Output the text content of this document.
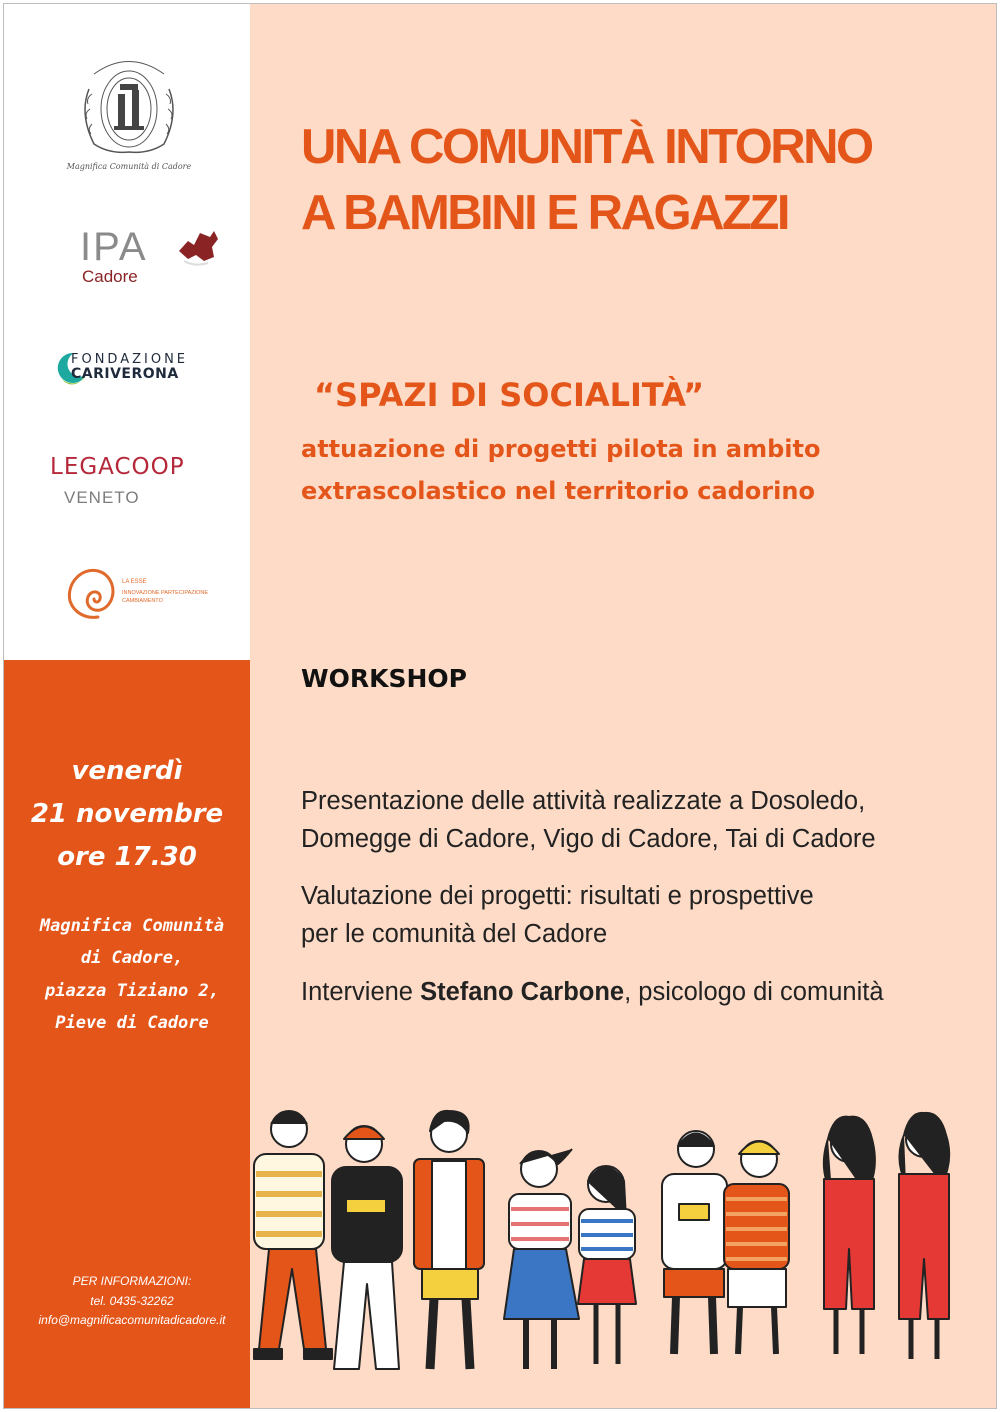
Magnifica Comunità di Cadore
IPA
Cadore
FONDAZIONE
CARIVERONA
LEGACOOP
VENETO
LA ESSE
INNOVAZIONE PARTECIPAZIONE CAMBIAMENTO
venerdì
21 novembre
ore 17.30
Magnifica Comunità
di Cadore,
piazza Tiziano 2,
Pieve di Cadore
PER INFORMAZIONI:
tel. 0435-32262
info@magnificacomunitadicadore.it
UNA COMUNITÀ INTORNO
A BAMBINI E RAGAZZI
“SPAZI DI SOCIALITÀ”

attuazione di progetti pilota in ambito
extrascolastico nel territorio cadorino

WORKSHOP

Presentazione delle attività realizzate a Dosoledo,
Domegge di Cadore, Vigo di Cadore, Tai di Cadore

Valutazione dei progetti: risultati e prospettive
per le comunità del Cadore

Interviene Stefano Carbone, psicologo di comunità
